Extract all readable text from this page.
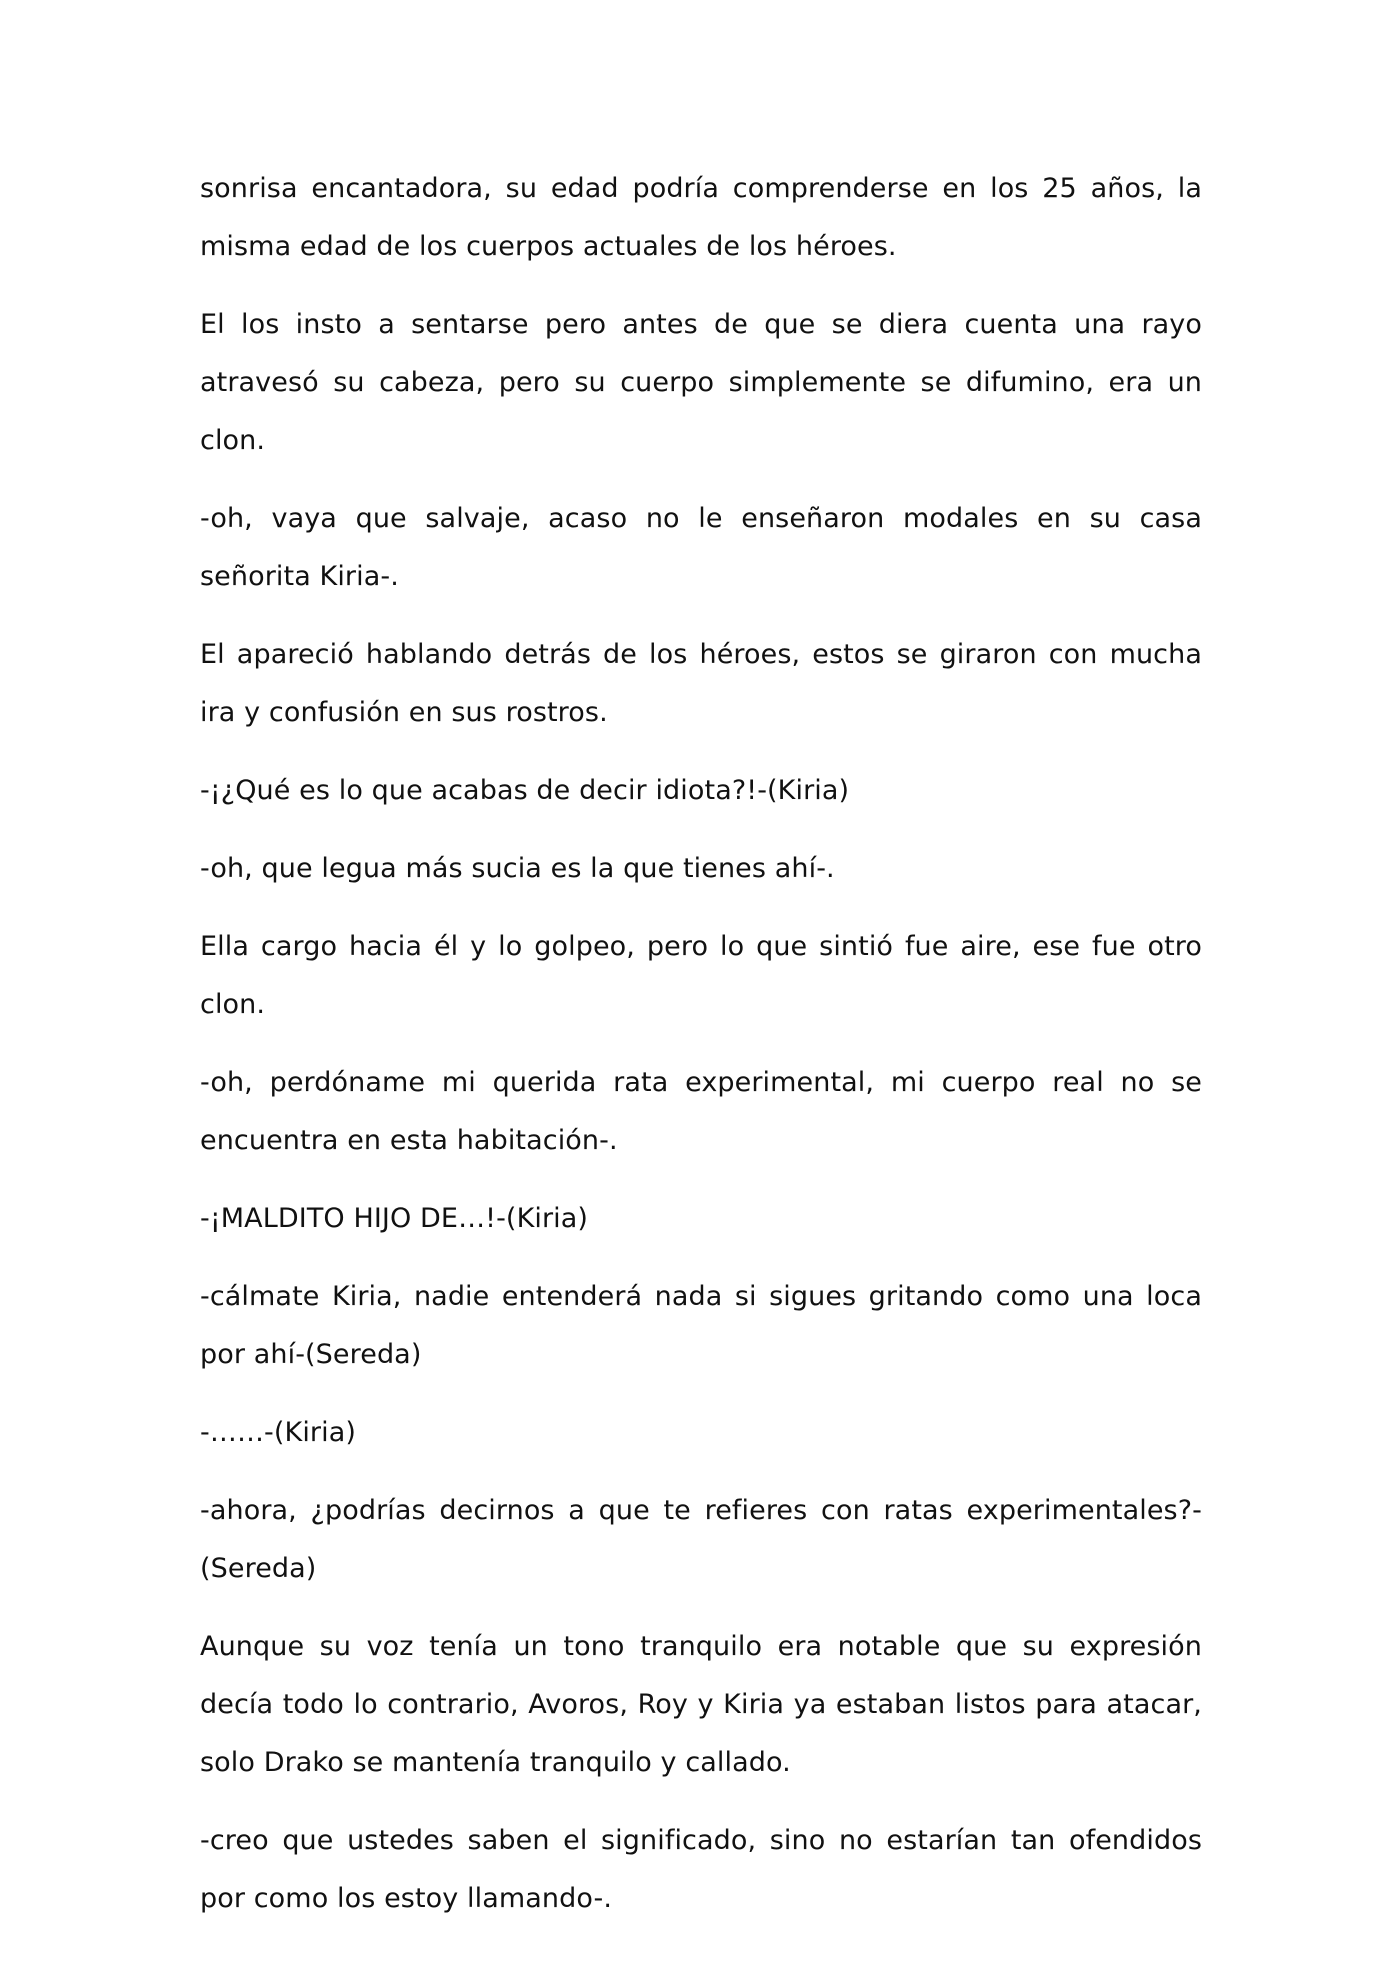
sonrisa encantadora, su edad podría comprenderse en los 25 años, la misma edad de los cuerpos actuales de los héroes.

El los insto a sentarse pero antes de que se diera cuenta una rayo atravesó su cabeza, pero su cuerpo simplemente se difumino, era un clon.

-oh, vaya que salvaje, acaso no le enseñaron modales en su casa señorita Kiria-.

El apareció hablando detrás de los héroes, estos se giraron con mucha ira y confusión en sus rostros.

-¡¿Qué es lo que acabas de decir idiota?!-(Kiria)

-oh, que legua más sucia es la que tienes ahí-.

Ella cargo hacia él y lo golpeo, pero lo que sintió fue aire, ese fue otro clon.

-oh, perdóname mi querida rata experimental, mi cuerpo real no se encuentra en esta habitación-.

-¡MALDITO HIJO DE…!-(Kiria)

-cálmate Kiria, nadie entenderá nada si sigues gritando como una loca por ahí-(Sereda)

-……-(Kiria)

-ahora, ¿podrías decirnos a que te refieres con ratas experimentales?-(Sereda)

Aunque su voz tenía un tono tranquilo era notable que su expresión decía todo lo contrario, Avoros, Roy y Kiria ya estaban listos para atacar, solo Drako se mantenía tranquilo y callado.

-creo que ustedes saben el significado, sino no estarían tan ofendidos por como los estoy llamando-.
